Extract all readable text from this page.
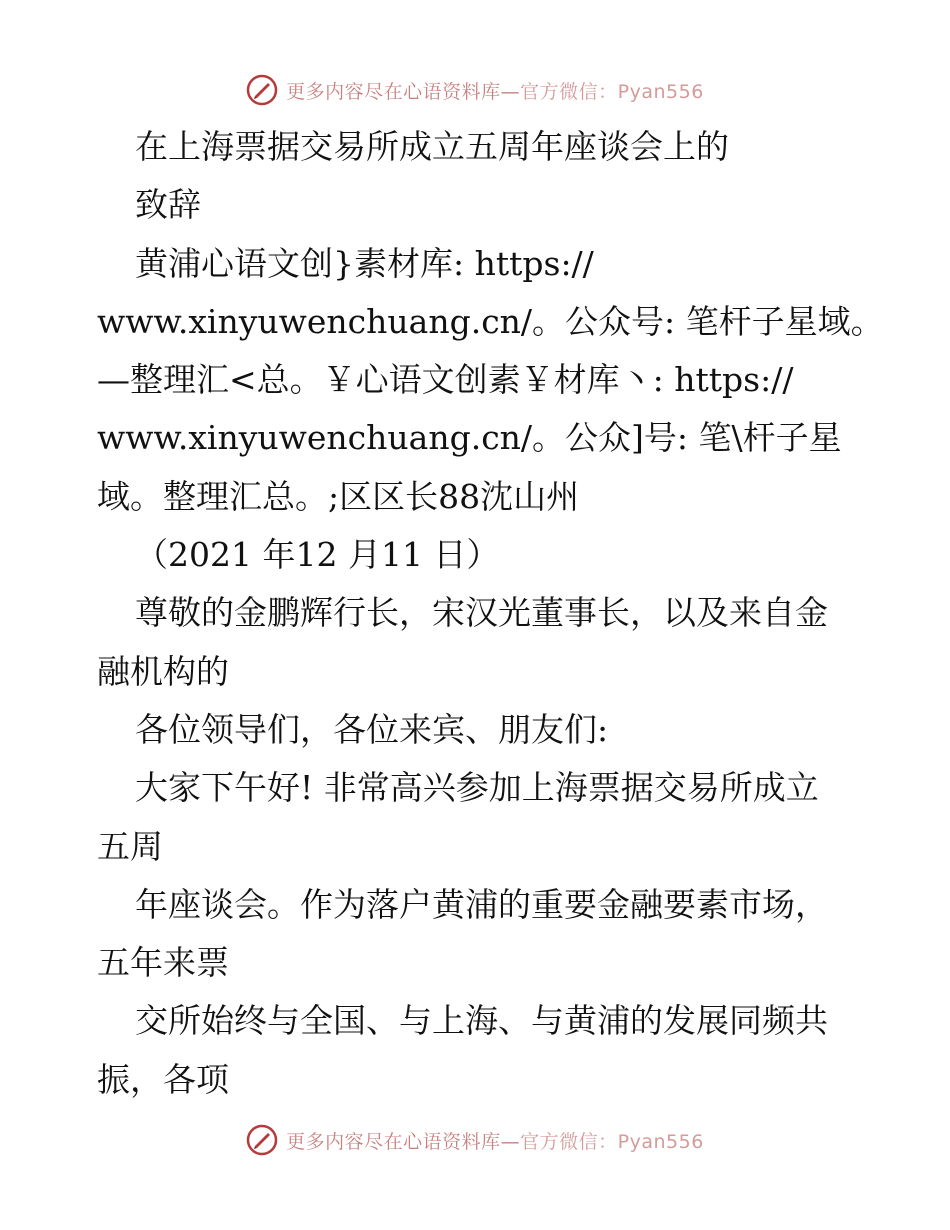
更多内容尽在心语资料库—官方微信：Pyan556
在上海票据交易所成立五周年座谈会上的
致辞
黄浦心语文创}素材库: https://
www.xinyuwenchuang.cn/。公众号: 笔杆子星域。
—整理汇<总。￥心语文创素￥材库丶: https://
www.xinyuwenchuang.cn/。公众]号: 笔\杆子星
域。整理汇总。;区区长88沈山州
（2021 年12 月11 日）
尊敬的金鹏辉行长，宋汉光董事长，以及来自金
融机构的
各位领导们，各位来宾、朋友们:
大家下午好! 非常高兴参加上海票据交易所成立
五周
年座谈会。作为落户黄浦的重要金融要素市场，
五年来票
交所始终与全国、与上海、与黄浦的发展同频共
振，各项
更多内容尽在心语资料库—官方微信：Pyan556
